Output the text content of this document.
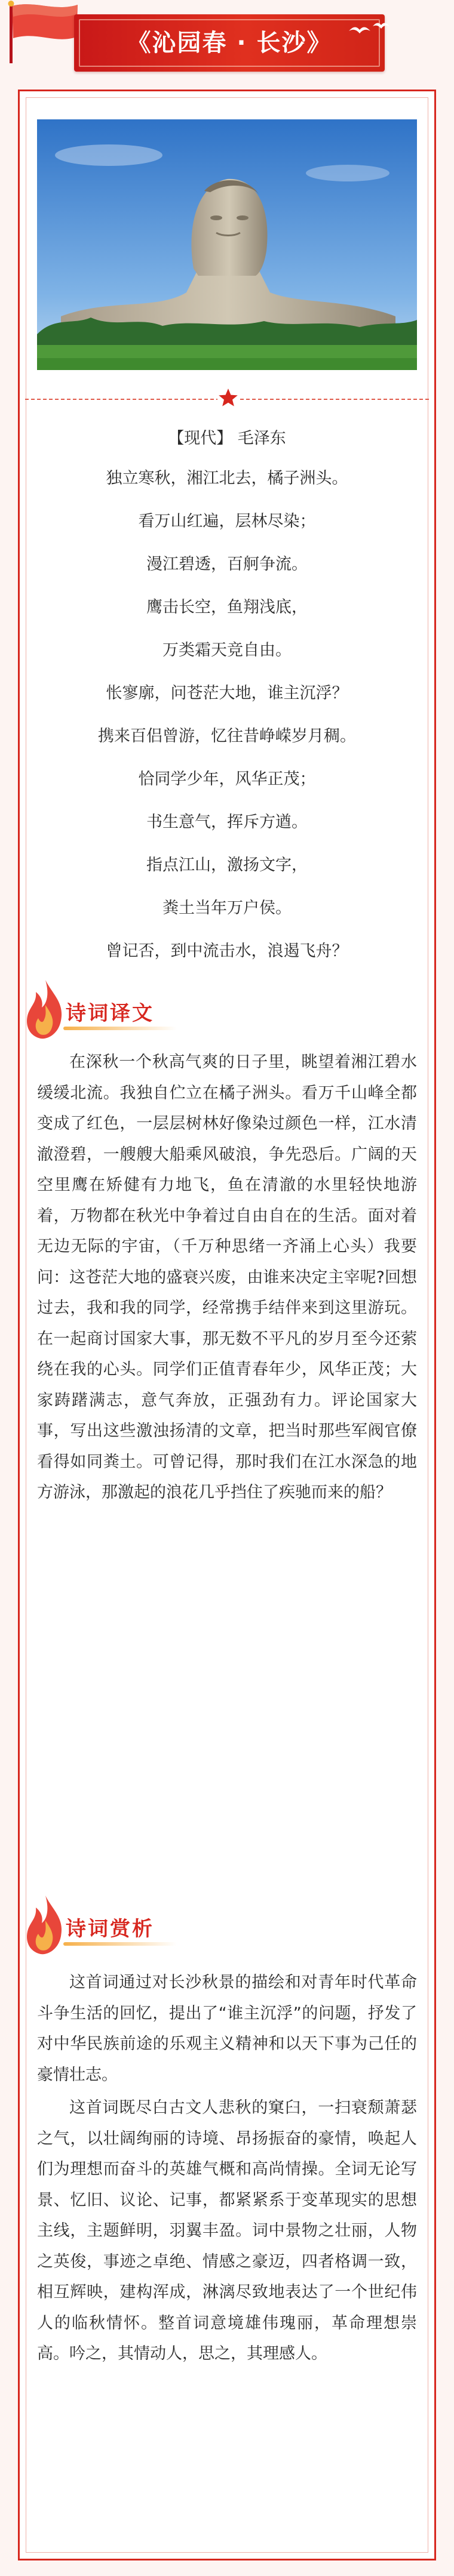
《沁园春 · 长沙》
【现代】 毛泽东
独立寒秋，湘江北去，橘子洲头。
看万山红遍，层林尽染；
漫江碧透，百舸争流。
鹰击长空，鱼翔浅底，
万类霜天竞自由。
怅寥廓，问苍茫大地，谁主沉浮？
携来百侣曾游，忆往昔峥嵘岁月稠。
恰同学少年，风华正茂；
书生意气，挥斥方遒。
指点江山，激扬文字，
粪土当年万户侯。
曾记否，到中流击水，浪遏飞舟？
诗词译文

在深秋一个秋高气爽的日子里，眺望着湘江碧水缓缓北流。我独自伫立在橘子洲头。看万千山峰全都变成了红色，一层层树林好像染过颜色一样，江水清澈澄碧，一艘艘大船乘风破浪，争先恐后。广阔的天空里鹰在矫健有力地飞，鱼在清澈的水里轻快地游着，万物都在秋光中争着过自由自在的生活。面对着无边无际的宇宙，（千万种思绪一齐涌上心头）我要问：这苍茫大地的盛衰兴废，由谁来决定主宰呢?回想过去，我和我的同学，经常携手结伴来到这里游玩。在一起商讨国家大事，那无数不平凡的岁月至今还萦绕在我的心头。同学们正值青春年少，风华正茂；大家踌躇满志，意气奔放，正强劲有力。评论国家大事，写出这些激浊扬清的文章，把当时那些军阀官僚看得如同粪土。可曾记得，那时我们在江水深急的地方游泳，那激起的浪花几乎挡住了疾驰而来的船？

诗词赏析

这首词通过对长沙秋景的描绘和对青年时代革命斗争生活的回忆，提出了“谁主沉浮”的问题，抒发了对中华民族前途的乐观主义精神和以天下事为己任的豪情壮志。

这首词既尽白古文人悲秋的窠臼，一扫衰颓萧瑟之气，以壮阔绚丽的诗境、昂扬振奋的豪情，唤起人们为理想而奋斗的英雄气概和高尚情操。全词无论写景、忆旧、议论、记事，都紧紧系于变革现实的思想主线，主题鲜明，羽翼丰盈。词中景物之壮丽，人物之英俊，事迹之卓绝、情感之豪迈，四者格调一致，相互辉映，建构浑成，淋漓尽致地表达了一个世纪伟人的临秋情怀。整首词意境雄伟瑰丽，革命理想崇高。吟之，其情动人，思之，其理感人。
